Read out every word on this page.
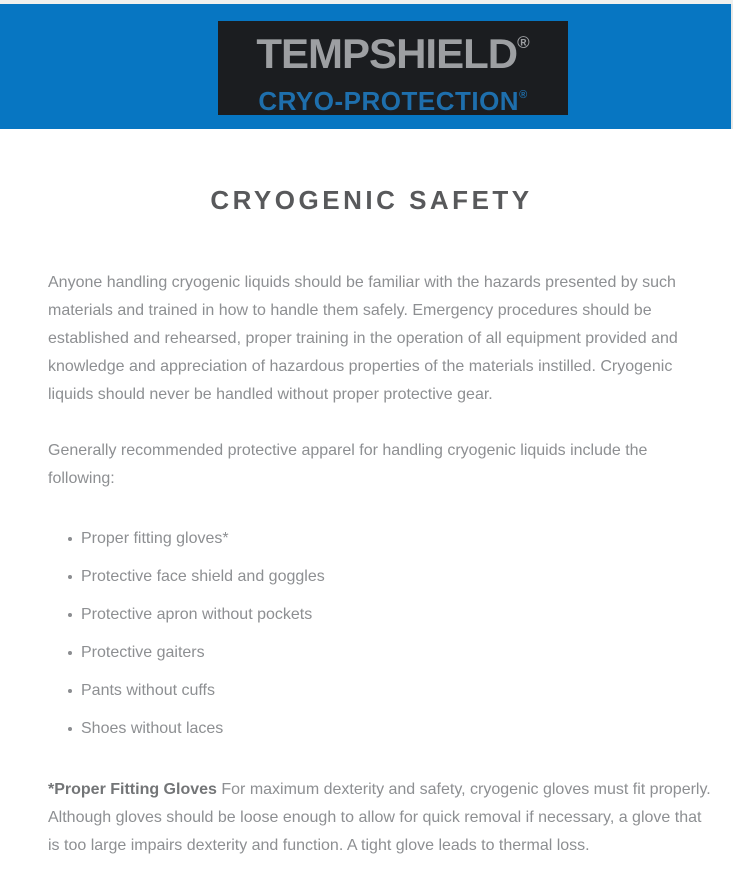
TEMPSHIELD®
CRYO-PROTECTION®
CRYOGENIC SAFETY
Anyone handling cryogenic liquids should be familiar with the hazards presented by such
materials and trained in how to handle them safely. Emergency procedures should be
established and rehearsed, proper training in the operation of all equipment provided and
knowledge and appreciation of hazardous properties of the materials instilled. Cryogenic
liquids should never be handled without proper protective gear.
Generally recommended protective apparel for handling cryogenic liquids include the
following:
Proper fitting gloves*
Protective face shield and goggles
Protective apron without pockets
Protective gaiters
Pants without cuffs
Shoes without laces
*Proper Fitting Gloves For maximum dexterity and safety, cryogenic gloves must fit properly.
Although gloves should be loose enough to allow for quick removal if necessary, a glove that
is too large impairs dexterity and function. A tight glove leads to thermal loss.
